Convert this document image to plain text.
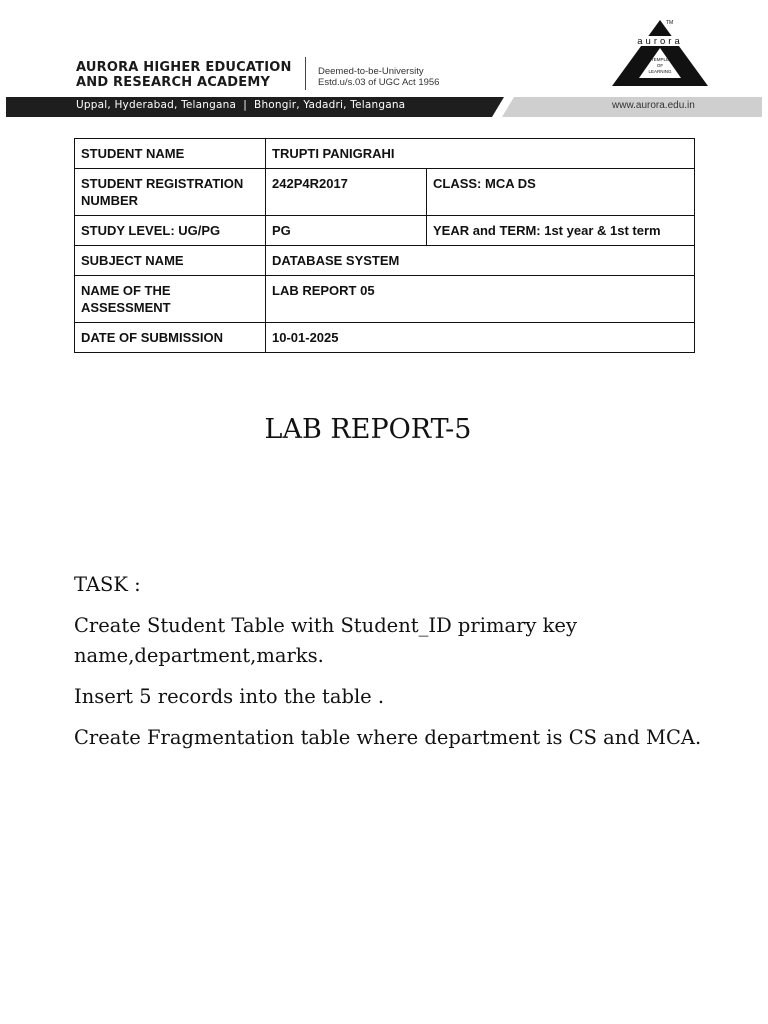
AURORA HIGHER EDUCATION
AND RESEARCH ACADEMY
Deemed-to-be-University
Estd.u/s.03 of UGC Act 1956
Uppal, Hyderabad, Telangana  |  Bhongir, Yadadri, Telangana	www.aurora.edu.in
TM
aurora
TEMPLE
OF
LEARNING
STUDENT NAME	TRUPTI PANIGRAHI	
STUDENT REGISTRATION NUMBER	242P4R2017	CLASS: MCA DS
STUDY LEVEL: UG/PG	PG	YEAR and TERM: 1st year & 1st term
SUBJECT NAME	DATABASE SYSTEM	
NAME OF THE ASSESSMENT	LAB REPORT 05	
DATE OF SUBMISSION	10-01-2025	
LAB REPORT-5

TASK :

Create Student Table with Student_ID primary key name,department,marks.

Insert 5 records into the table .

Create Fragmentation table where department is CS and MCA.
